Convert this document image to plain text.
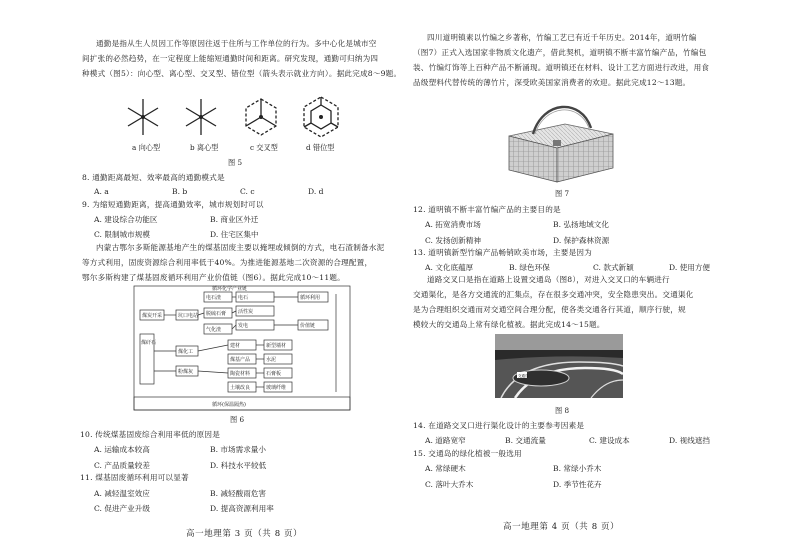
通勤是指从生人员因工作等原因往返于住所与工作单位的行为。多中心化是城市空
间扩张的必然趋势，在一定程度上能缩短通勤时间和距离。研究发现，通勤可归纳为四
种模式（图5）：向心型、离心型、交叉型、错位型（箭头表示就业方向）。据此完成8～9题。
a 向心型	b 离心型	c 交叉型	d 错位型
图 5
8. 通勤距离最短、效率最高的通勤模式是
A. a	B. b	C. c	D. d
9. 为缩短通勤距离，提高通勤效率，城市规划时可以
A. 建设综合功能区	B. 商业区外迁
C. 限制城市规模	D. 住宅区集中
内蒙古鄂尔多斯能源基地产生的煤基固废主要以掩埋或倾倒的方式，电石渣制备水泥
等方式利用，固废资源综合利用率低于40%。为推进能源基地二次资源的合理配置，
鄂尔多斯构建了煤基固废循环利用产业价值链（图6）。据此完成10～11题。
循环化学产业链
煤炭开采
煤矸石
坑口电站
煤化工
粉煤灰
电石渣
脱硫石膏
气化渣
电石
活性炭
发电
建材
煤基产品
陶瓷材料
土壤改良
新型墙材
水泥
石膏板
玻璃纤维
循环利用
价值链
循环(保温隔热)
图 6
10. 传统煤基固废综合利用率低的原因是
A. 运输成本较高	B. 市场需求量小
C. 产品质量较差	D. 科技水平较低
11. 煤基固废循环利用可以显著
A. 减轻温室效应	B. 减轻酸雨危害
C. 促进产业升级	D. 提高资源利用率
高一地理第 3 页（共 8 页）
四川道明镇素以竹编之乡著称，竹编工艺已有近千年历史。2014年，道明竹编
（图7）正式入选国家非物质文化遗产，借此契机，道明镇不断丰富竹编产品，竹编包
装、竹编灯饰等上百种产品不断涌现。道明镇还在材料、设计工艺方面进行改进，用食
品级塑料代替传统的薄竹片，深受欧美国家消费者的欢迎。据此完成12～13题。
图 7
12. 道明镇不断丰富竹编产品的主要目的是
A. 拓宽消费市场	B. 弘扬地域文化
C. 发扬创新精神	D. 保护森林资源
13. 道明镇新型竹编产品畅销欧美市场，主要是因为
A. 文化底蕴厚	B. 绿色环保	C. 款式新颖	D. 使用方便
道路交叉口是指在道路上设置交通岛（图8），对进入交叉口的车辆进行
交通渠化，是各方交通流的汇集点，存在很多交通冲突，安全隐患突出。交通渠化
是为合理组织交通而对交通空间合理分配，使各类交通各行其道，顺序行驶，规
模较大的交通岛上常有绿化植被。据此完成14～15题。
交通岛
图 8
14. 在道路交叉口进行渠化设计的主要参考因素是
A. 道路宽窄	B. 交通流量	C. 建设成本	D. 视线遮挡
15. 交通岛的绿化植被一般选用
A. 常绿硬木	B. 常绿小乔木
C. 落叶大乔木	D. 季节性花卉
高一地理第 4 页（共 8 页）
